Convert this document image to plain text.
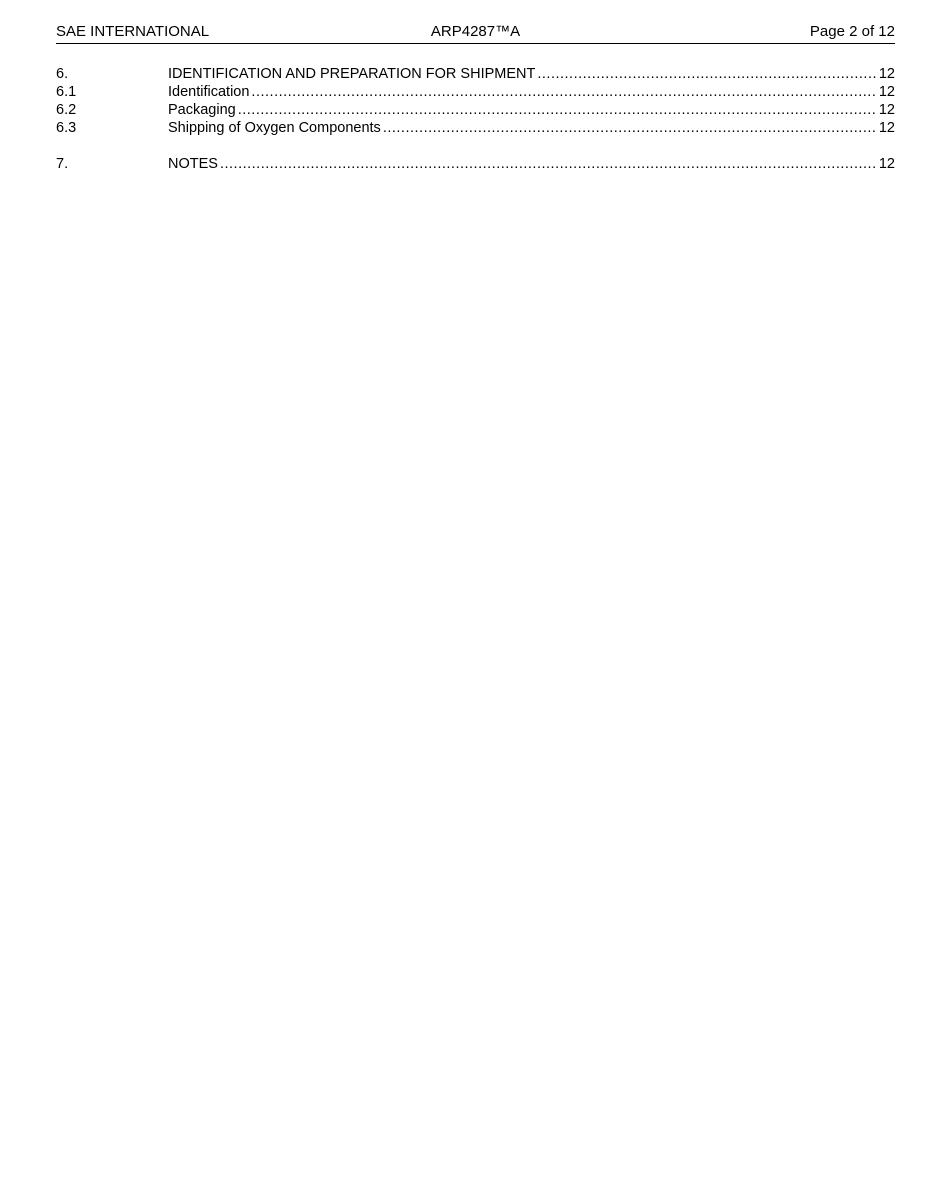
SAE INTERNATIONAL	ARP4287™A	Page 2 of 12
6.	IDENTIFICATION AND PREPARATION FOR SHIPMENT .....	12
6.1	Identification .....	12
6.2	Packaging .....	12
6.3	Shipping of Oxygen Components .....	12
7.	NOTES .....	12
